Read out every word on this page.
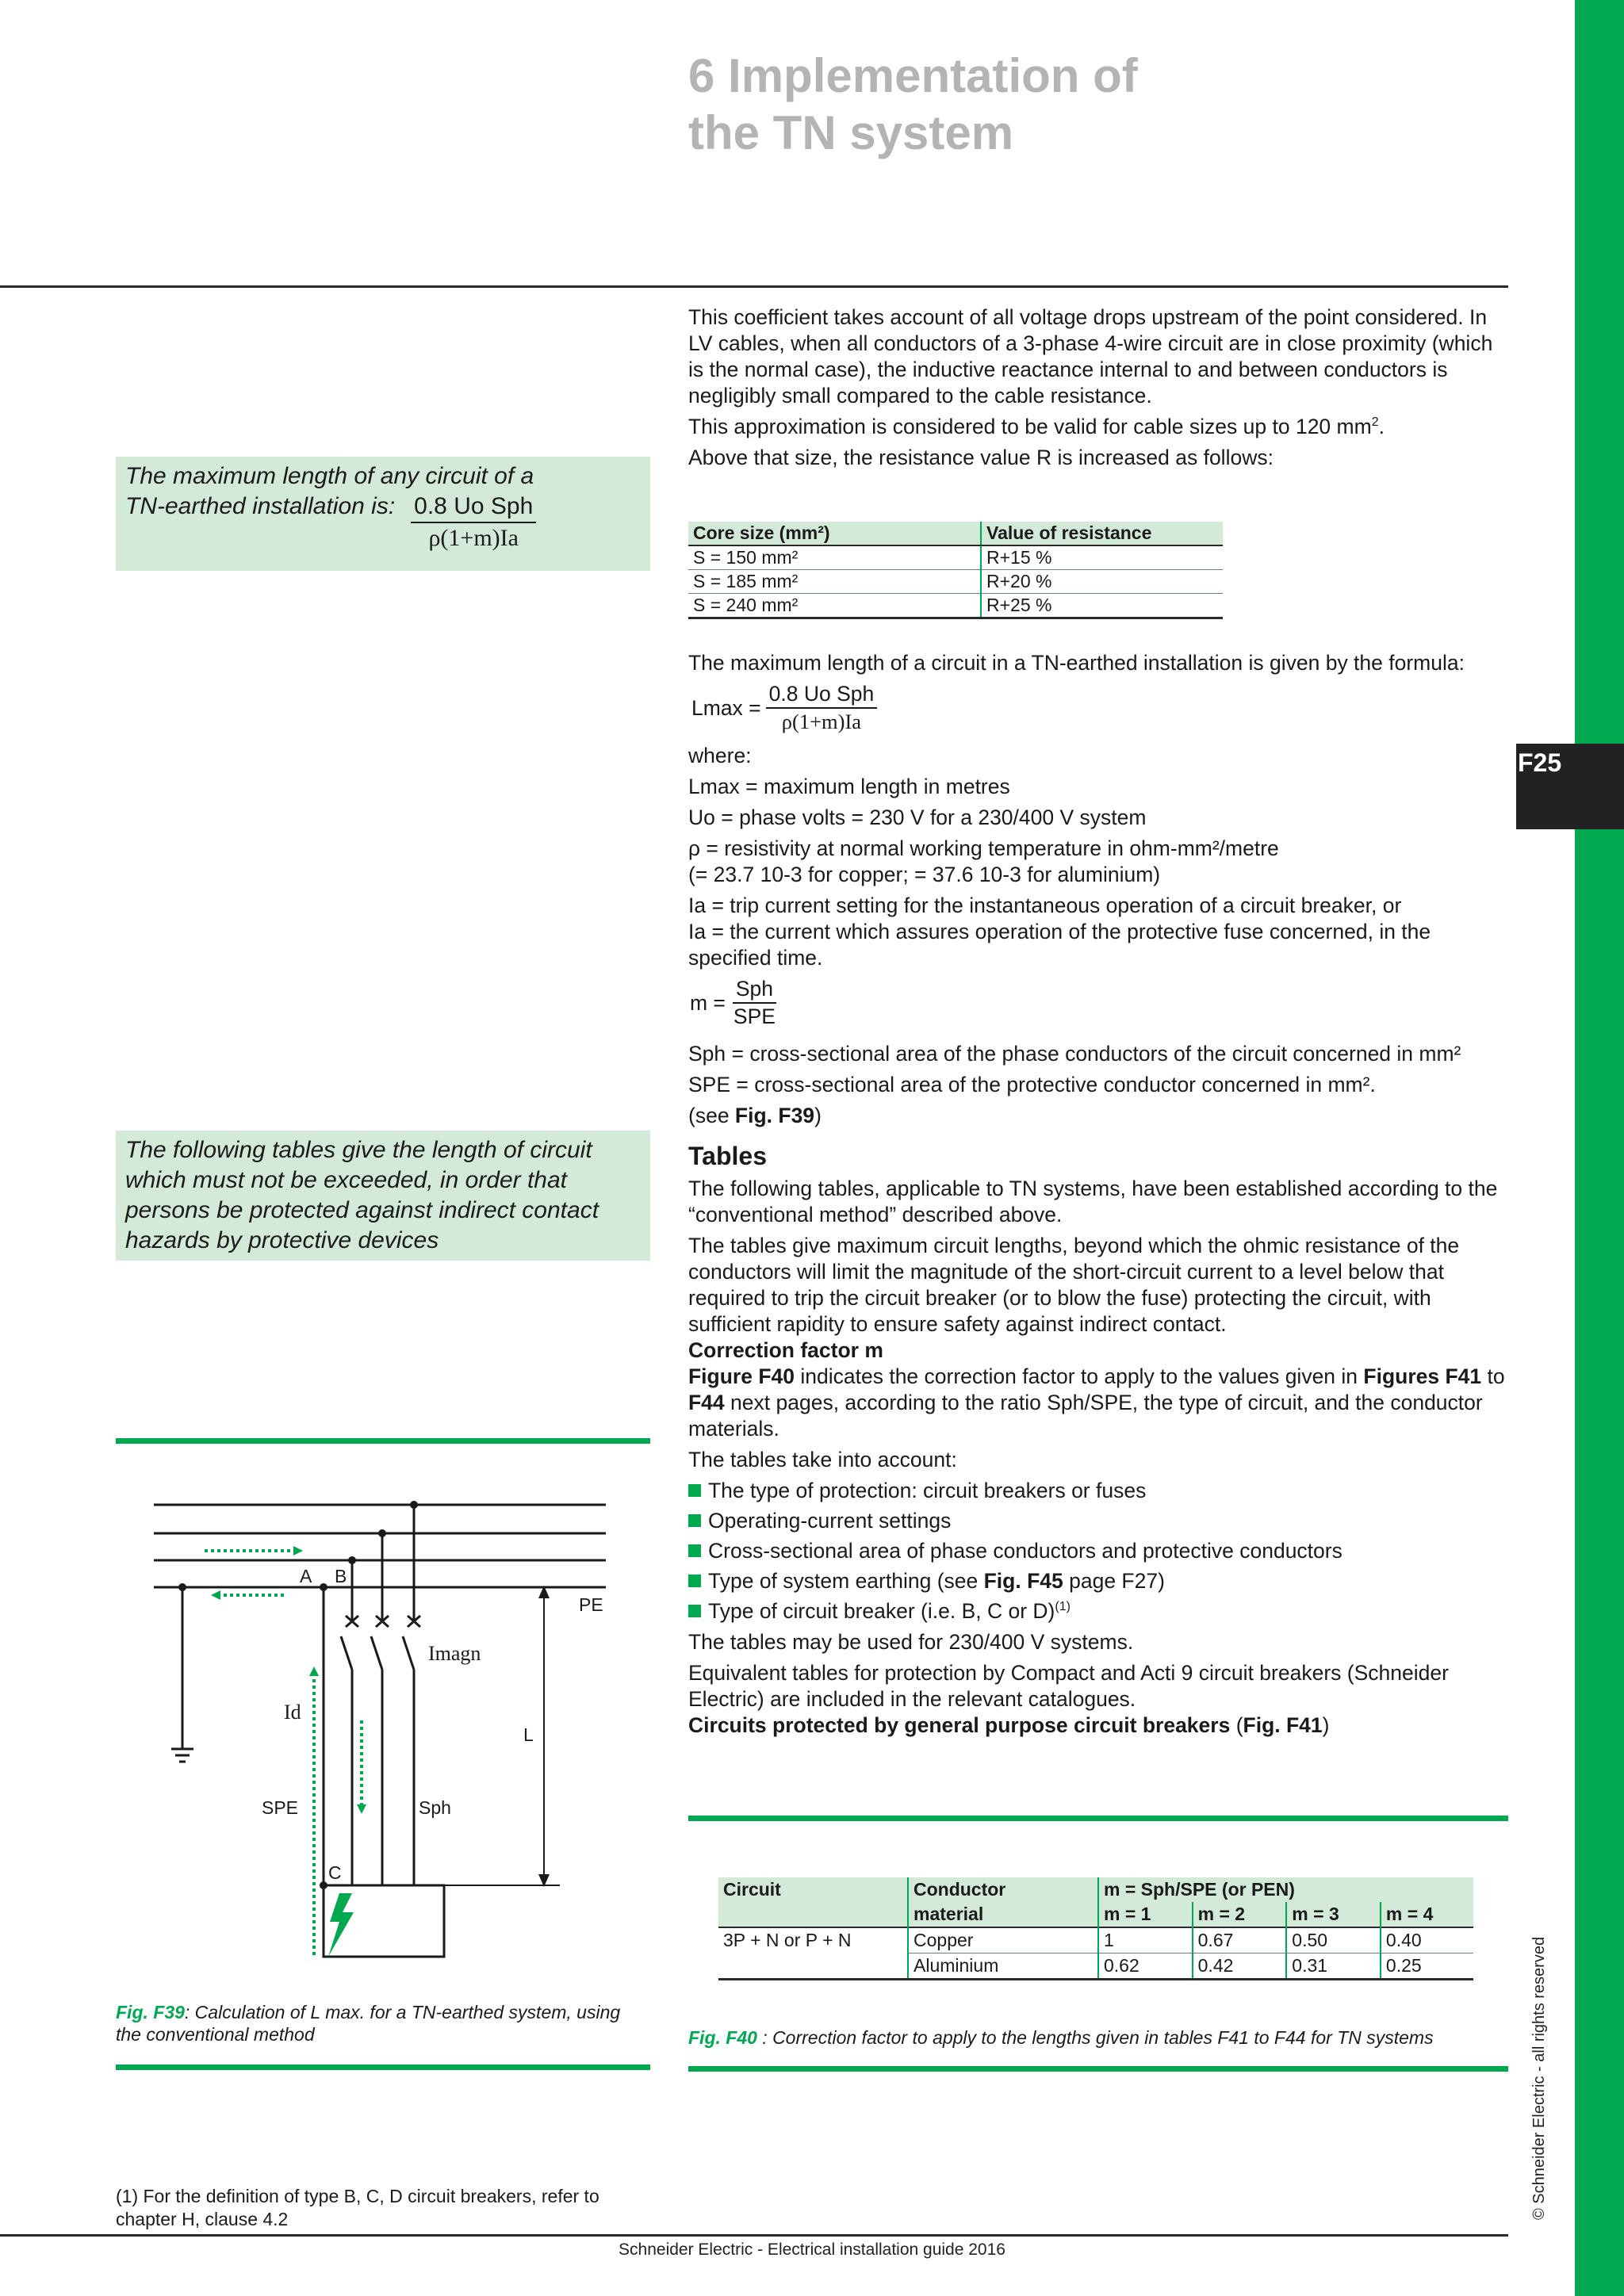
F25
© Schneider Electric - all rights reserved
6 Implementation of
the TN system
The maximum length of any circuit of a
TN-earthed installation is: $\frac{\text{0.8 Uo Sph}}{\rho(1+m)Ia}$
The following tables give the length of circuit which must not be exceeded, in order that persons be protected against indirect contact hazards by protective devices

This coefficient takes account of all voltage drops upstream of the point considered. In LV cables, when all conductors of a 3-phase 4-wire circuit are in close proximity (which is the normal case), the inductive reactance internal to and between conductors is negligibly small compared to the cable resistance.

This approximation is considered to be valid for cable sizes up to 120 $mm^2$.

Above that size, the resistance value R is increased as follows:

Core size (mm²)	Value of resistance
S = 150 mm²	R+15 %
S = 185 mm²	R+20 %
S = 240 mm²	R+25 %

The maximum length of a circuit in a TN-earthed installation is given by the formula:

$Lmax = \frac{\text{0.8 Uo Sph}}{\rho(1+m)Ia}$

where:

Lmax = maximum length in metres

Uo = phase volts = 230 V for a 230/400 V system

ρ = resistivity at normal working temperature in ohm-mm²/metre

(= 23.7 10-3 for copper; = 37.6 10-3 for aluminium)

Ia = trip current setting for the instantaneous operation of a circuit breaker, or

Ia = the current which assures operation of the protective fuse concerned, in the specified time.

$m = \frac{\text{Sph}}{\text{SPE}}$

Sph = cross-sectional area of the phase conductors of the circuit concerned in mm²

SPE = cross-sectional area of the protective conductor concerned in mm².

(see Fig. F39)

Tables

The following tables, applicable to TN systems, have been established according to the “conventional method” described above.

The tables give maximum circuit lengths, beyond which the ohmic resistance of the conductors will limit the magnitude of the short-circuit current to a level below that required to trip the circuit breaker (or to blow the fuse) protecting the circuit, with sufficient rapidity to ensure safety against indirect contact.

Correction factor m

Figure F40 indicates the correction factor to apply to the values given in Figures F41 to F44 next pages, according to the ratio Sph/SPE, the type of circuit, and the conductor materials.

The tables take into account:

The type of protection: circuit breakers or fuses
Operating-current settings
Cross-sectional area of phase conductors and protective conductors
Type of system earthing (see Fig. F45 page F27)
Type of circuit breaker (i.e. B, C or D)$^{(1)}$

The tables may be used for 230/400 V systems.

Equivalent tables for protection by Compact and Acti 9 circuit breakers (Schneider Electric) are included in the relevant catalogues.

Circuits protected by general purpose circuit breakers (Fig. F41)

A B
C
PE
L
SPE	Sph
Imagn
Id
Fig. F39: Calculation of L max. for a TN-earthed system, using the conventional method
Circuit	Conductor	m = Sph/SPE (or PEN)			
	material	m = 1	m = 2	m = 3	m = 4
3P + N or P + N	Copper	1	0.67	0.50	0.40
	Aluminium	0.62	0.42	0.31	0.25
Fig. F40 : Correction factor to apply to the lengths given in tables F41 to F44 for TN systems
(1) For the definition of type B, C, D circuit breakers, refer to chapter H, clause 4.2
Schneider Electric - Electrical installation guide 2016
